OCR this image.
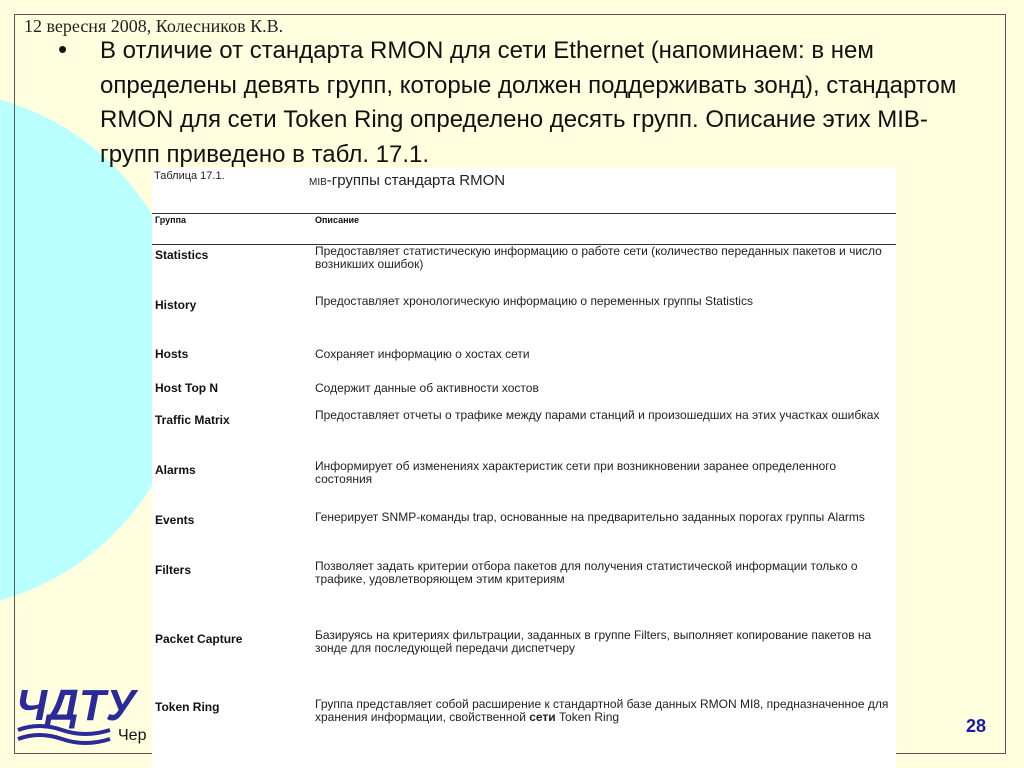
12 вересня 2008, Колесников К.В.
• В отличие от стандарта RMON для сети Ethernet (напоминаем: в нем определены девять групп, которые должен поддерживать зонд), стандартом RMON для сети Token Ring определено десять групп. Описание этих MIB-групп приведено в табл. 17.1.
Таблица 17.1.
MIB-группы стандарта RMON
Группа	Описание
Statistics	Предоставляет статистическую информацию о работе сети (количество переданных пакетов и число возникших ошибок)
History	Предоставляет хронологическую информацию о переменных группы Statistics
Hosts	Сохраняет информацию о хостах сети
Host Top N	Содержит данные об активности хостов
Traffic Matrix	Предоставляет отчеты о трафике между парами станций и произошедших на этих участках ошибках
Alarms	Информирует об изменениях характеристик сети при возникновении заранее определенного состояния
Events	Генерирует SNMP-команды trap, основанные на предварительно заданных порогах группы Alarms
Filters	Позволяет задать критерии отбора пакетов для получения статистической информации только о трафике, удовлетворяющем этим критериям
Packet Capture	Базируясь на критериях фильтрации, заданных в группе Filters, выполняет копирование пакетов на зонде для последующей передачи диспетчеру
Token Ring	Группа представляет собой расширение к стандартной базе данных RMON MI8, предназначенное для хранения информации, свойственной сети Token Ring
ЧДТУ
Чер	28
